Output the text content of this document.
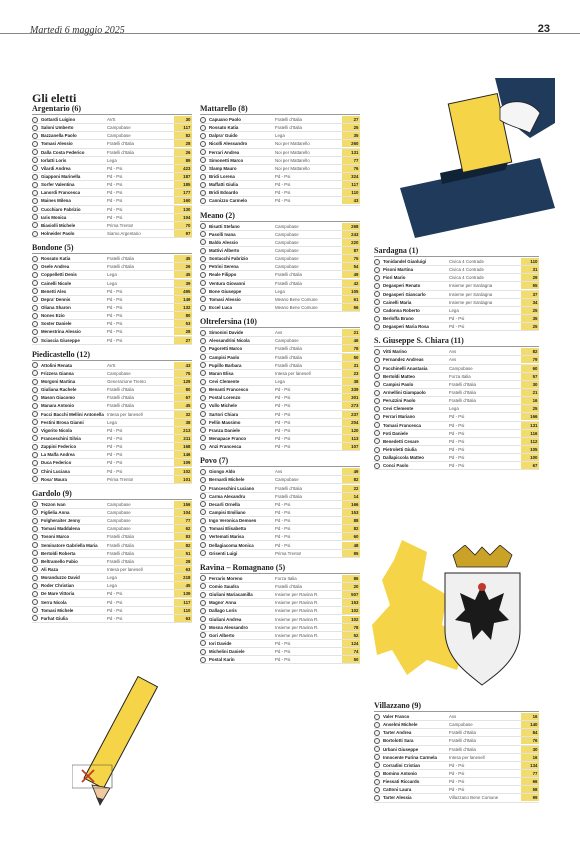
Martedì 6 maggio 2025	23
Gli eletti
Argentario (6)
Gottardi Luigino	AVS	30
Saloni Umberto	Campobase	117
Bazzanella Paolo	Campobase	82
Tomasi Alessio	Fratelli d'Italia	28
Dalla Costa Federico	Fratelli d'Italia	26
Iorlatti Loris	Lega	89
Vilardi Andrea	Pd - Psi	423
Giapponi Marinella	Pd - Psi	187
Sorfer Valentina	Pd - Psi	185
Lanordi Francesca	Pd - Psi	177
Maines Milena	Pd - Psi	160
Cucchiaro Fabrizio	Pd - Psi	130
Iaris Monica	Pd - Psi	104
Biasiolli Michele	Prima Trento!	70
Holneider Paolo	Siamo Argentario	97
Bondone (5)
Rossato Katia	Fratelli d'Italia	45
Osele Andrea	Fratelli d'Italia	26
Coppelletti Denis	Lega	45
Cainelli Nicole	Lega	39
Benetti Alex	Pd - Psi	495
Depra' Dennis	Pd - Psi	149
Oliana Sharon	Pd - Psi	132
Nones Ezio	Pd - Psi	80
Soster Daniele	Pd - Psi	53
Menestrina Alessio	Pd - Psi	28
Sciascia Giuseppe	Pd - Psi	27
Piedicastello (12)
Attolini Renata	AVS	43
Frizzera Gianna	Campobase	75
Morgoni Martina	Generazione Trento	129
Giuliana Rachele	Fratelli d'Italia	80
Mason Giacomo	Fratelli d'Italia	67
Manara Antonio	Fratelli d'Italia	45
Facci Bacchi Mellini Antonella Intesa per lanesell	32
Festini Brosa Gianni	Lega	38
Vigorito Nicola	Pd - Psi	213
Franceschini Silvia	Pd - Psi	211
Zappini Federico	Pd - Psi	168
La Malfa Andrea	Pd - Psi	146
Duca Federico	Pd - Psi	109
Chini Luciana	Pd - Psi	102
Rosa' Maura	Prima Trento!	101
Gardolo (9)
Tezzon Ivan	Campobase	156
Figlielia Anna	Campobase	104
Folgheraiter Jenny	Campobase	77
Tomasi Maddalena	Campobase	62
Tosoni Marco	Fratelli d'Italia	83
Seminatore Gabriella Maria	Fratelli d'Italia	82
Bertoldi Roberta	Fratelli d'Italia	51
Beltramello Fabio	Fratelli d'Italia	28
Ali Raza	Intesa per lanesell	63
Moranduzzo David	Lega	218
Roder Christian	Lega	45
De Mare Vittoria	Pd - Psi	139
Serra Nicola	Pd - Psi	117
Tomasi Michele	Pd - Psi	110
Farhat Giulia	Pd - Psi	63
Mattarello (8)
Capuano Paolo	Fratelli d'Italia	27
Rossato Katia	Fratelli d'Italia	25
Dalpra' Guido	Lega	35
Nicolli Alessandro	Noi per Mattarello	260
Ferrari Andrea	Noi per Mattarello	131
Simonetti Marco	Noi per Mattarello	77
Slamp Mauro	Noi per Mattarello	76
Bridi Lorena	Pd - Psi	324
Maffatti Giulia	Pd - Psi	117
Bridi Edoardo	Pd - Psi	110
Cannizzo Carmelo	Pd - Psi	43
Meano (2)
Bisatti Stefano	Campobase	268
Pasolli Ivana	Campobase	243
Baldo Alessio	Campobase	220
Mattivi Alberto	Campobase	87
Sontacchi Fabrizio	Campobase	75
Petrini Serena	Campobase	54
Reale Filippo	Fratelli d'Italia	49
Ventura Giovanni	Fratelli d'Italia	42
Bone Giuseppe	Lega	105
Tomasi Alessio	Meano Bene Comune	61
Eccel Luca	Meano Bene Comune	56
Oltrefersina (10)
Simonini Davide	Avs	21
Alessandrini Nicola	Campobase	46
Pagoretti Marco	Fratelli d'Italia	78
Campisi Paolo	Fratelli d'Italia	50
Pupillo Barbara	Fratelli d'Italia	31
Maran Elisa	Intesa per lanesell	23
Cevi Clemente	Lega	38
Benanti Francesco	Pd - Psi	339
Postal Lorenzo	Pd - Psi	301
Vullo Michele	Pd - Psi	273
Sartori Chiara	Pd - Psi	237
Fellin Massimo	Pd - Psi	204
Franza Daniele	Pd - Psi	120
Menapace Franco	Pd - Psi	113
Anzi Francesca	Pd - Psi	107
Povo (7)
Giongo Aldo	Avs	49
Bernardi Michele	Campobase	82
Franceschini Luciano	Fratelli d'Italia	22
Carma Alexandru	Fratelli d'Italia	14
Decarli Ornella	Pd - Psi	166
Campisi Emiliano	Pd - Psi	153
Ingo Veronica Demoen	Pd - Psi	88
Tomasi Elisabetta	Pd - Psi	82
Vertemati Marisa	Pd - Psi	60
Dellagiacoma Monica	Pd - Psi	48
Grisenti Luigi	Prima Trento!	95
Ravina – Romagnano (5)
Ferraris Moreno	Forza Italia	86
Comio Saudra	Fratelli d'Italia	20
Giuliani Mariacamilla	Insieme per Ravina R.	507
Magno' Anna	Insieme per Ravina R.	153
Dallago Loris	Insieme per Ravina R.	102
Giuliani Andrea	Insieme per Ravina R.	102
Mosna Alessandro	Insieme per Ravina R.	78
Gori Alberto	Insieme per Ravina R.	52
Iori Davide	Pd - Psi	124
Michelini Daniele	Pd - Psi	74
Postal Karin	Pd - Psi	50
Sardagna (1)
Tonidandel Gianluigi	Civica 4 Contrade	110
Pisoni Martina	Civica 4 Contrade	31
Fiori Mario	Civica 4 Contrade	29
Degasperi Renato	Insieme per Sardagna	55
Degasperi Giancarlo	Insieme per Sardagna	37
Cainelli Maria	Insieme per Sardagna	34
Cadonna Roberto	Lega	25
Berloffa Bruno	Pd - Psi	35
Degasperi Maria Rosa	Pd - Psi	25
S. Giuseppe S. Chiara (11)
Vitti Marino	Avs	82
Fernandez Andreas	Avs	79
Facchinelli Anastasia	Campobase	60
Bertoldi Matteo	Forza Italia	57
Campisi Paolo	Fratelli d'Italia	30
Armellini Giampaolo	Fratelli d'Italia	21
Peruzzini Paolo	Fratelli d'Italia	16
Cevi Clemente	Lega	25
Ferrari Mariano	Pd - Psi	166
Tomasi Francesca	Pd - Psi	131
Foti Daniele	Pd - Psi	116
Benedetti Cesare	Pd - Psi	112
Pietroletti Giulia	Pd - Psi	105
Dallapiccola Matteo	Pd - Psi	100
Conci Paolo	Pd - Psi	67
Villazzano (9)
Valer Franco	Avs	16
Anselmi Michele	Campobase	140
Tarter Andrea	Fratelli d'Italia	84
Bortolotti Sara	Fratelli d'Italia	76
Urbani Giuseppe	Fratelli d'Italia	30
Innocente Furina Carmela	Intesa per lanesell	16
Corradini Cristian	Pd - Psi	134
Bomino Antonio	Pd - Psi	77
Fiessati Riccardo	Pd - Psi	66
Cattoni Laura	Pd - Psi	58
Tarter Alessia	Villazzano Bene Comune	99
